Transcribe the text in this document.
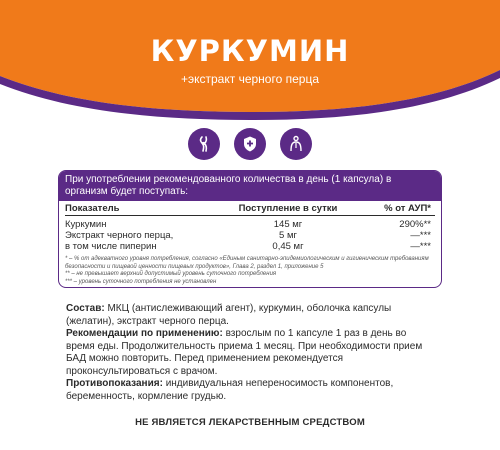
КУРКУМИН
+экстракт черного перца
При употреблении рекомендованного количества в день (1 капсула) в организм будет поступать:
Показатель	Поступление в сутки	% от АУП*
Куркумин	145 мг	290%**
Экстракт черного перца,	5 мг	—***
в том числе пиперин	0,45 мг	—***
* – % от адекватного уровня потребления, согласно «Единым санитарно-эпидемиологическим и гигиеническим требованиям безопасности и пищевой ценности пищевых продуктов», Глава 2, раздел 1, приложение 5
** – не превышает верхний допустимый уровень суточного потребления
*** – уровень суточного потребления не установлен

Состав: МКЦ (антислеживающий агент), куркумин, оболочка капсулы (желатин), экстракт черного перца.

Рекомендации по применению: взрослым по 1 капсуле 1 раз в день во время еды. Продолжительность приема 1 месяц. При необходимости прием БАД можно повторить. Перед применением рекомендуется проконсультироваться с врачом.

Противопоказания: индивидуальная непереносимость компонентов, беременность, кормление грудью.

НЕ ЯВЛЯЕТСЯ ЛЕКАРСТВЕННЫМ СРЕДСТВОМ
